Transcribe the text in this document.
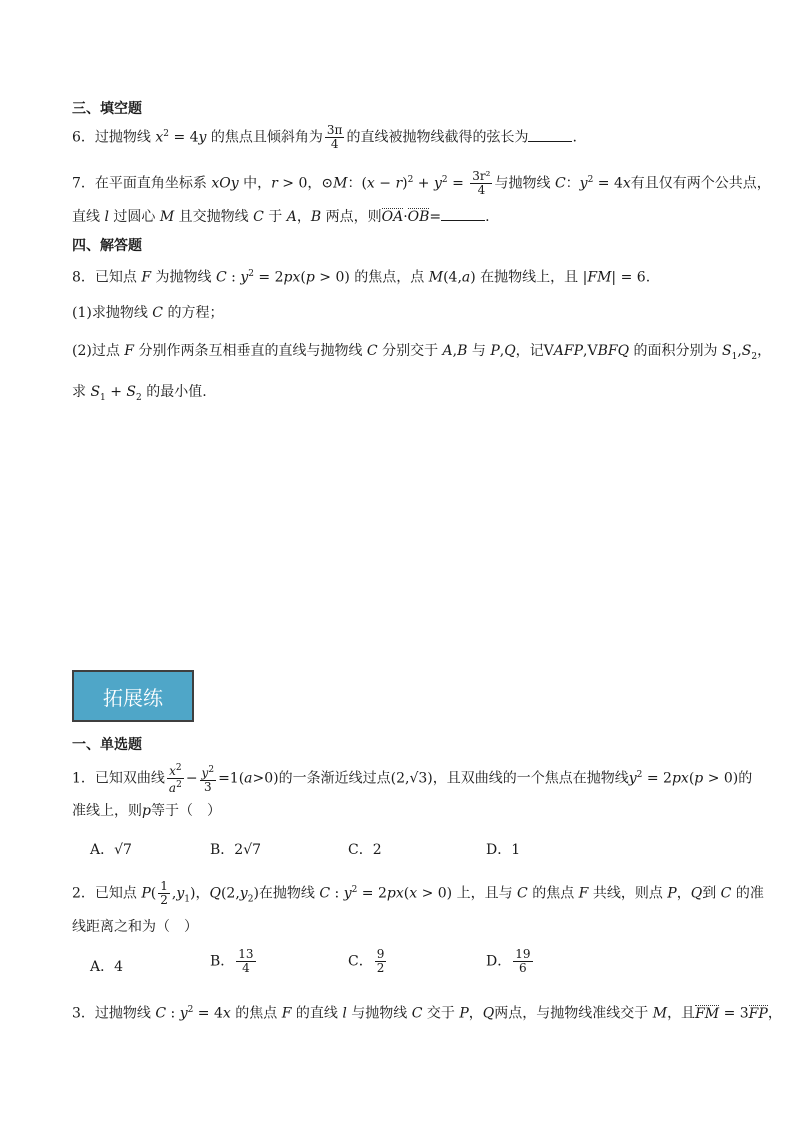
三、填空题
6．过抛物线 $x^2 = 4y$ 的焦点且倾斜角为 $\frac{3\pi}{4}$ 的直线被抛物线截得的弦长为	.
7．在平面直角坐标系 xOy 中，r > 0，⊙M：$(x - r)^2 + y^2 = \frac{\text{3r²}}{4}$ 与抛物线 C：$y^2 = 4x$有且仅有两个公共点，
直线 l 过圆心 M 且交抛物线 C 于 A，B 两点，则OA·OB=	.
四、解答题
8．已知点 F 为抛物线 C : $y^2 = 2px(p > 0)$ 的焦点，点 M(4,a) 在抛物线上，且 |FM| = 6.
(1)求抛物线 C 的方程；
(2)过点 F 分别作两条互相垂直的直线与抛物线 C 分别交于 A,B 与 P,Q，记VAFP,VBFQ 的面积分别为 $S_1,S_2$，
求 $S_1 + S_2$ 的最小值.
拓展练
一、单选题
1．已知双曲线 $\frac{x^2}{a^2} - \frac{y^2}{3} =1(a>0)$的一条渐近线过点(2,√3)，且双曲线的一个焦点在抛物线$y^2 = 2px(p > 0)$的
准线上，则p等于（　）
A．√7	B．2√7	C．2	D．1
2．已知点 $P( \frac{1}{2} ,y_1)$，$Q(2,y_2)$在抛物线 C : $y^2 = 2px(x > 0)$ 上，且与 C 的焦点 F 共线，则点 P，Q到 C 的准
线距离之和为（　）
A．4	B． $\frac{13}{4}$	C． $\frac{9}{2}$	D． $\frac{19}{6}$
3．过抛物线 C : $y^2 = 4x$ 的焦点 F 的直线 l 与抛物线 C 交于 P，Q两点，与抛物线准线交于 M，且FM = 3FP，
